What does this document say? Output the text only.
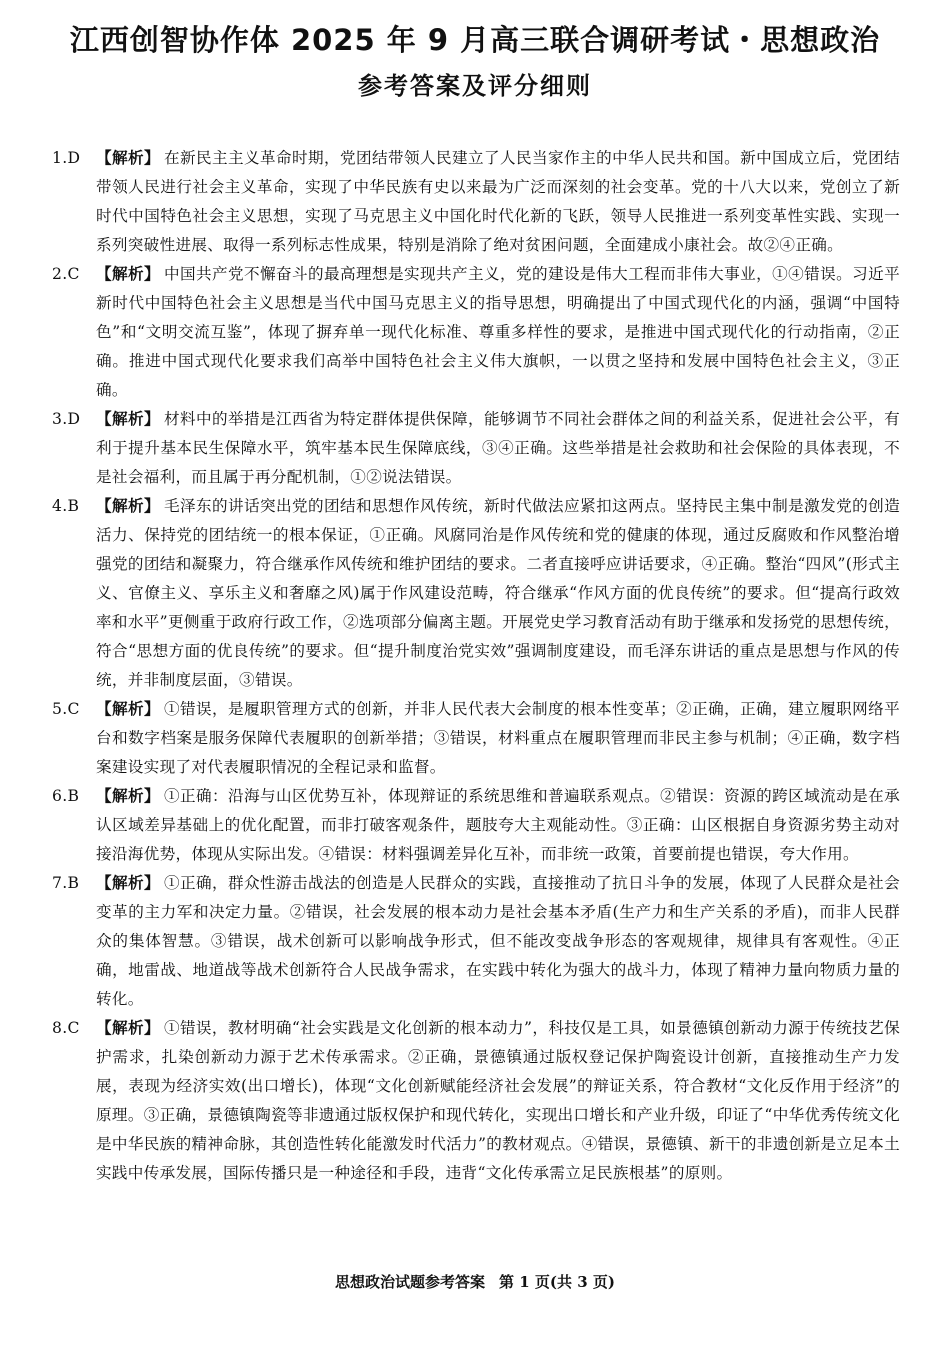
江西创智协作体 2025 年 9 月高三联合调研考试・思想政治
参考答案及评分细则
1.D 【解析】 在新民主主义革命时期，党团结带领人民建立了人民当家作主的中华人民共和国。新中国成立后，党团结带领人民进行社会主义革命，实现了中华民族有史以来最为广泛而深刻的社会变革。党的十八大以来，党创立了新时代中国特色社会主义思想，实现了马克思主义中国化时代化新的飞跃，领导人民推进一系列变革性实践、实现一系列突破性进展、取得一系列标志性成果，特别是消除了绝对贫困问题，全面建成小康社会。故②④正确。
2.C 【解析】 中国共产党不懈奋斗的最高理想是实现共产主义，党的建设是伟大工程而非伟大事业，①④错误。习近平新时代中国特色社会主义思想是当代中国马克思主义的指导思想，明确提出了中国式现代化的内涵，强调“中国特色”和“文明交流互鉴”，体现了摒弃单一现代化标准、尊重多样性的要求，是推进中国式现代化的行动指南，②正确。推进中国式现代化要求我们高举中国特色社会主义伟大旗帜，一以贯之坚持和发展中国特色社会主义，③正确。
3.D 【解析】 材料中的举措是江西省为特定群体提供保障，能够调节不同社会群体之间的利益关系，促进社会公平，有利于提升基本民生保障水平，筑牢基本民生保障底线，③④正确。这些举措是社会救助和社会保险的具体表现，不是社会福利，而且属于再分配机制，①②说法错误。
4.B 【解析】 毛泽东的讲话突出党的团结和思想作风传统，新时代做法应紧扣这两点。坚持民主集中制是激发党的创造活力、保持党的团结统一的根本保证，①正确。风腐同治是作风传统和党的健康的体现，通过反腐败和作风整治增强党的团结和凝聚力，符合继承作风传统和维护团结的要求。二者直接呼应讲话要求，④正确。整治“四风”(形式主义、官僚主义、享乐主义和奢靡之风)属于作风建设范畴，符合继承“作风方面的优良传统”的要求。但“提高行政效率和水平”更侧重于政府行政工作，②选项部分偏离主题。开展党史学习教育活动有助于继承和发扬党的思想传统，符合“思想方面的优良传统”的要求。但“提升制度治党实效”强调制度建设，而毛泽东讲话的重点是思想与作风的传统，并非制度层面，③错误。
5.C 【解析】 ①错误，是履职管理方式的创新，并非人民代表大会制度的根本性变革；②正确，正确，建立履职网络平台和数字档案是服务保障代表履职的创新举措；③错误，材料重点在履职管理而非民主参与机制；④正确，数字档案建设实现了对代表履职情况的全程记录和监督。
6.B 【解析】 ①正确：沿海与山区优势互补，体现辩证的系统思维和普遍联系观点。②错误：资源的跨区域流动是在承认区域差异基础上的优化配置，而非打破客观条件，题肢夸大主观能动性。③正确：山区根据自身资源劣势主动对接沿海优势，体现从实际出发。④错误：材料强调差异化互补，而非统一政策，首要前提也错误，夸大作用。
7.B 【解析】 ①正确，群众性游击战法的创造是人民群众的实践，直接推动了抗日斗争的发展，体现了人民群众是社会变革的主力军和决定力量。②错误，社会发展的根本动力是社会基本矛盾(生产力和生产关系的矛盾)，而非人民群众的集体智慧。③错误，战术创新可以影响战争形式，但不能改变战争形态的客观规律，规律具有客观性。④正确，地雷战、地道战等战术创新符合人民战争需求，在实践中转化为强大的战斗力，体现了精神力量向物质力量的转化。
8.C 【解析】 ①错误，教材明确“社会实践是文化创新的根本动力”，科技仅是工具，如景德镇创新动力源于传统技艺保护需求，扎染创新动力源于艺术传承需求。②正确，景德镇通过版权登记保护陶瓷设计创新，直接推动生产力发展，表现为经济实效(出口增长)，体现“文化创新赋能经济社会发展”的辩证关系，符合教材“文化反作用于经济”的原理。③正确，景德镇陶瓷等非遗通过版权保护和现代转化，实现出口增长和产业升级，印证了“中华优秀传统文化是中华民族的精神命脉，其创造性转化能激发时代活力”的教材观点。④错误，景德镇、新干的非遗创新是立足本土实践中传承发展，国际传播只是一种途径和手段，违背“文化传承需立足民族根基”的原则。
思想政治试题参考答案 第 1 页(共 3 页)
